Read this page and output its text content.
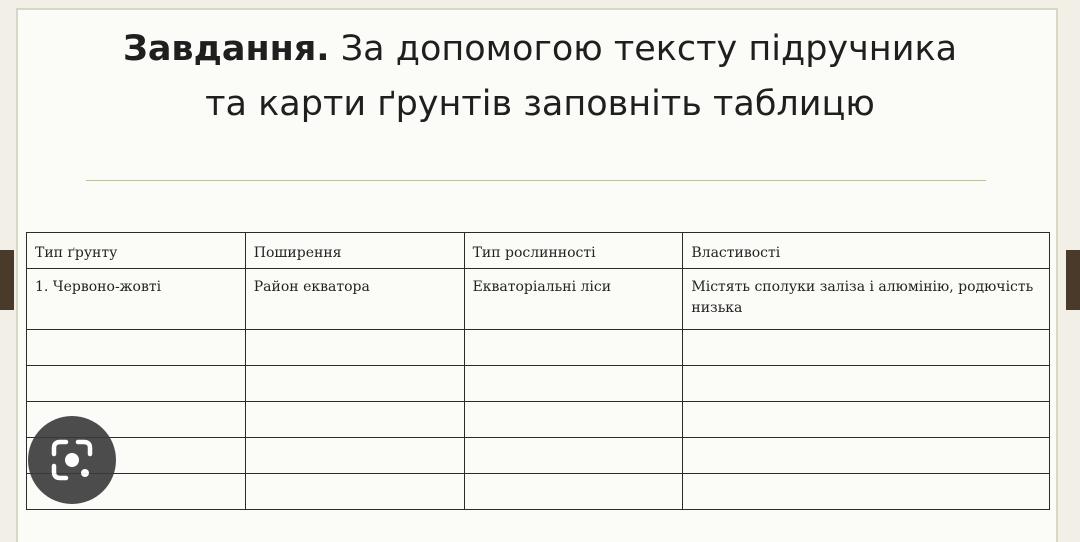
Завдання. За допомогою тексту підручника
та карти ґрунтів заповніть таблицю
Тип ґрунту	Поширення	Тип рослинності	Властивості
1. Червоно-жовті	Район екватора	Екваторіальні ліси	Містять сполуки заліза і алюмінію, родючість низька
